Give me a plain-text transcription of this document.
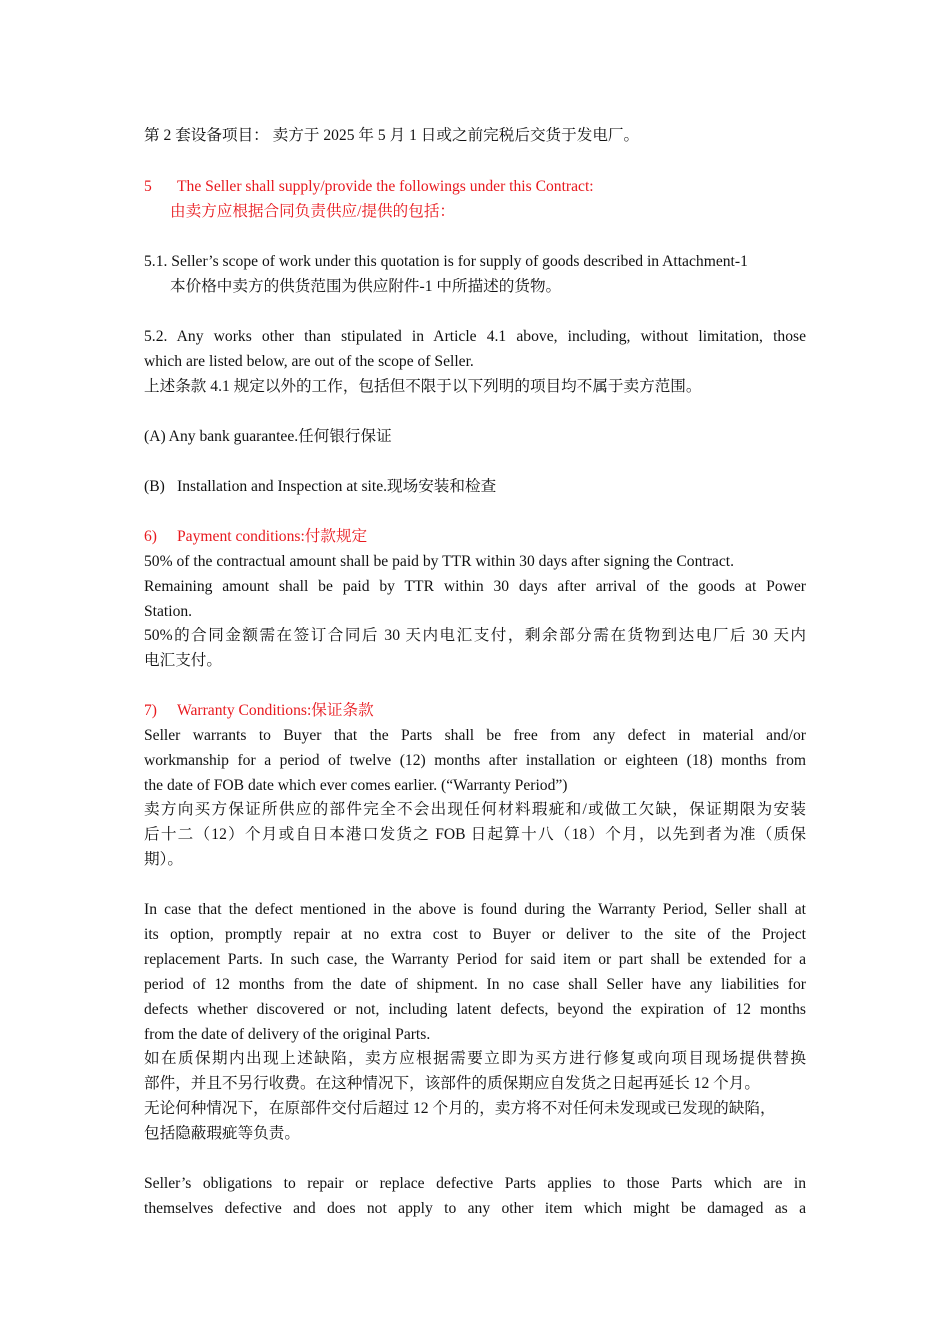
第 2 套设备项目： 卖方于 2025 年 5 月 1 日或之前完税后交货于发电厂。
5 The Seller shall supply/provide the followings under this Contract:
由卖方应根据合同负责供应/提供的包括：
5.1. Seller’s scope of work under this quotation is for supply of goods described in Attachment-1
本价格中卖方的供货范围为供应附件-1 中所描述的货物。
5.2. Any works other than stipulated in Article 4.1 above, including, without limitation, those
which are listed below, are out of the scope of Seller.
上述条款 4.1 规定以外的工作，包括但不限于以下列明的项目均不属于卖方范围。
(A) Any bank guarantee.任何银行保证
(B) Installation and Inspection at site.现场安装和检查
6) Payment conditions:付款规定
50% of the contractual amount shall be paid by TTR within 30 days after signing the Contract.
Remaining amount shall be paid by TTR within 30 days after arrival of the goods at Power
Station.
50%的合同金额需在签订合同后 30 天内电汇支付，剩余部分需在货物到达电厂后 30 天内
电汇支付。
7) Warranty Conditions:保证条款
Seller warrants to Buyer that the Parts shall be free from any defect in material and/or
workmanship for a period of twelve (12) months after installation or eighteen (18) months from
the date of FOB date which ever comes earlier. (“Warranty Period”)
卖方向买方保证所供应的部件完全不会出现任何材料瑕疵和/或做工欠缺，保证期限为安装
后十二（12）个月或自日本港口发货之 FOB 日起算十八（18）个月，以先到者为准（质保
期）。
In case that the defect mentioned in the above is found during the Warranty Period, Seller shall at
its option, promptly repair at no extra cost to Buyer or deliver to the site of the Project
replacement Parts. In such case, the Warranty Period for said item or part shall be extended for a
period of 12 months from the date of shipment. In no case shall Seller have any liabilities for
defects whether discovered or not, including latent defects, beyond the expiration of 12 months
from the date of delivery of the original Parts.
如在质保期内出现上述缺陷，卖方应根据需要立即为买方进行修复或向项目现场提供替换
部件，并且不另行收费。在这种情况下，该部件的质保期应自发货之日起再延长 12 个月。
无论何种情况下，在原部件交付后超过 12 个月的，卖方将不对任何未发现或已发现的缺陷，
包括隐蔽瑕疵等负责。
Seller’s obligations to repair or replace defective Parts applies to those Parts which are in
themselves defective and does not apply to any other item which might be damaged as a
